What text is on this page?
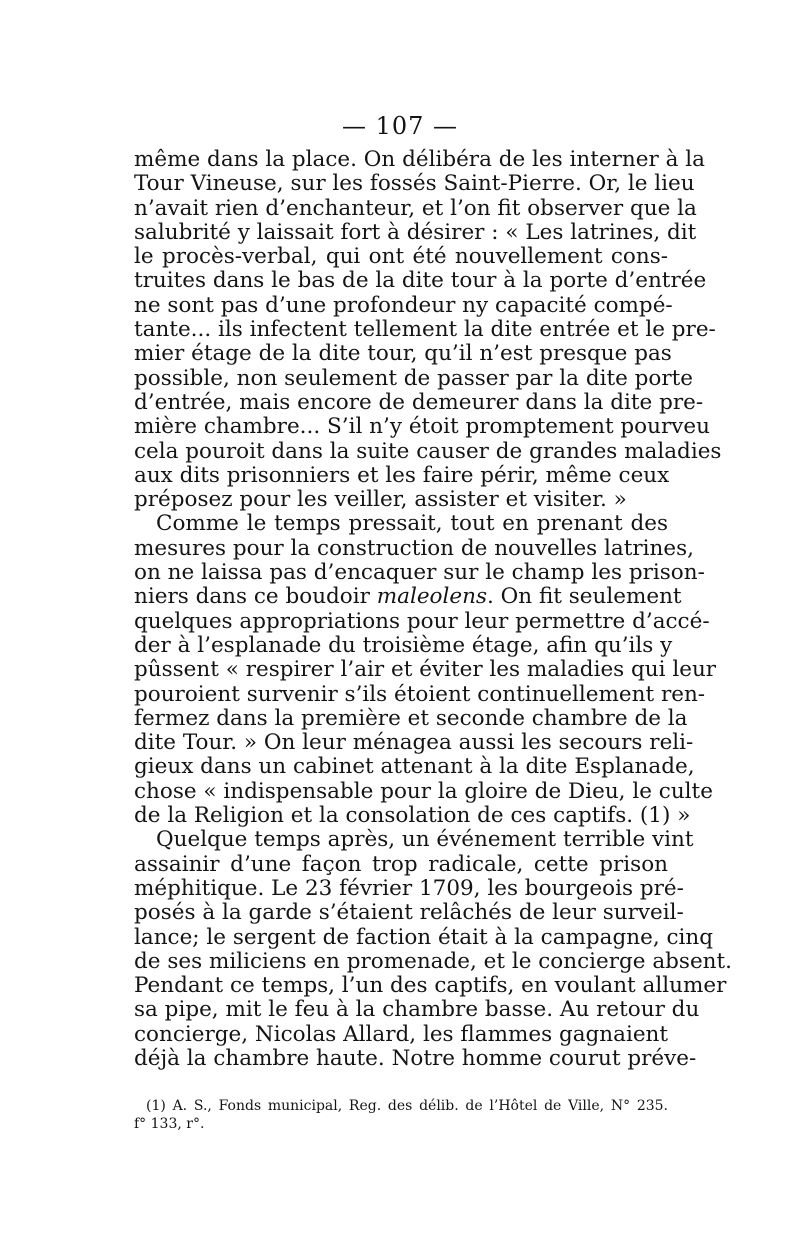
— 107 —
même dans la place. On délibéra de les interner à la
Tour Vineuse, sur les fossés Saint-Pierre. Or, le lieu
n’avait rien d’enchanteur, et l’on fit observer que la
salubrité y laissait fort à désirer : « Les latrines, dit
le procès-verbal, qui ont été nouvellement cons-
truites dans le bas de la dite tour à la porte d’entrée
ne sont pas d’une profondeur ny capacité compé-
tante... ils infectent tellement la dite entrée et le pre-
mier étage de la dite tour, qu’il n’est presque pas
possible, non seulement de passer par la dite porte
d’entrée, mais encore de demeurer dans la dite pre-
mière chambre... S’il n’y étoit promptement pourveu
cela pouroit dans la suite causer de grandes maladies
aux dits prisonniers et les faire périr, même ceux
préposez pour les veiller, assister et visiter. »
Comme le temps pressait, tout en prenant des
mesures pour la construction de nouvelles latrines,
on ne laissa pas d’encaquer sur le champ les prison-
niers dans ce boudoir maleolens. On fit seulement
quelques appropriations pour leur permettre d’accé-
der à l’esplanade du troisième étage, afin qu’ils y
pûssent « respirer l’air et éviter les maladies qui leur
pouroient survenir s’ils étoient continuellement ren-
fermez dans la première et seconde chambre de la
dite Tour. » On leur ménagea aussi les secours reli-
gieux dans un cabinet attenant à la dite Esplanade,
chose « indispensable pour la gloire de Dieu, le culte
de la Religion et la consolation de ces captifs. (1) »
Quelque temps après, un événement terrible vint
assainir d’une façon trop radicale, cette prison
méphitique. Le 23 février 1709, les bourgeois pré-
posés à la garde s’étaient relâchés de leur surveil-
lance; le sergent de faction était à la campagne, cinq
de ses miliciens en promenade, et le concierge absent.
Pendant ce temps, l’un des captifs, en voulant allumer
sa pipe, mit le feu à la chambre basse. Au retour du
concierge, Nicolas Allard, les flammes gagnaient
déjà la chambre haute. Notre homme courut préve-
(1) A. S., Fonds municipal, Reg. des délib. de l’Hôtel de Ville, N° 235.
f° 133, r°.
